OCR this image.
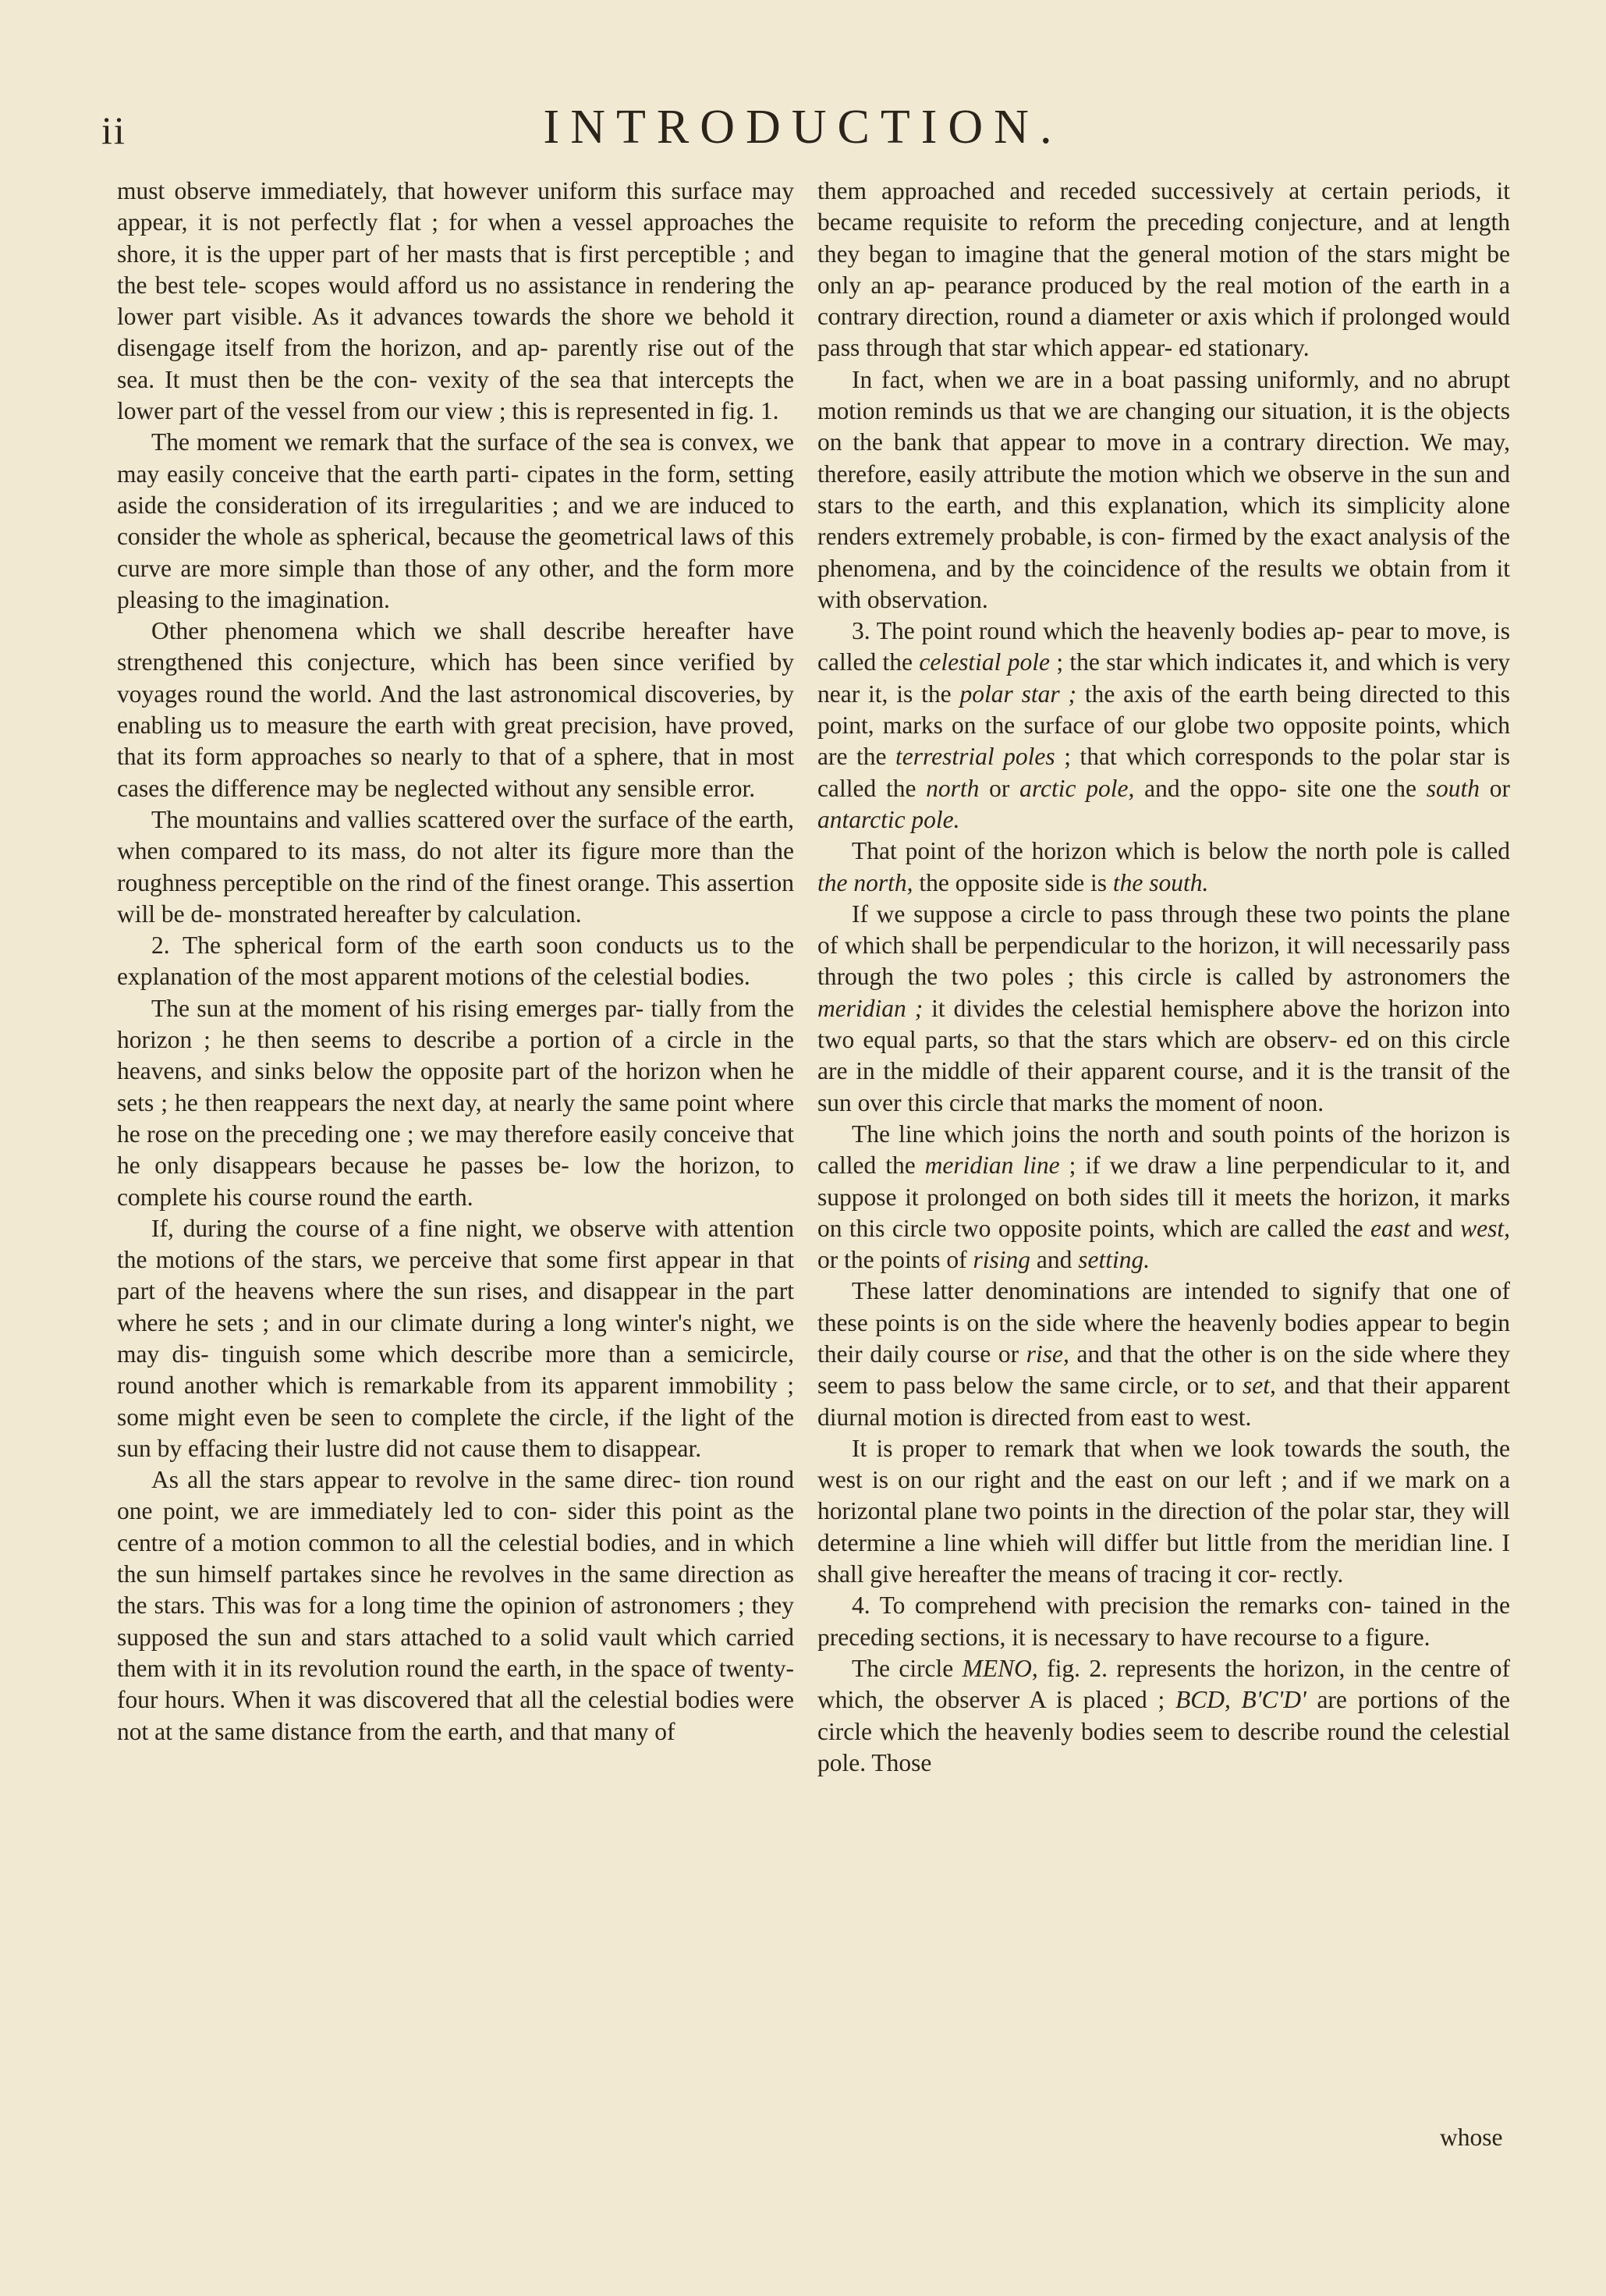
ii	INTRODUCTION.

must observe immediately, that however uniform this surface may appear, it is not perfectly flat ; for when a vessel approaches the shore, it is the upper part of her masts that is first perceptible ; and the best tele- scopes would afford us no assistance in rendering the lower part visible. As it advances towards the shore we behold it disengage itself from the horizon, and ap- parently rise out of the sea. It must then be the con- vexity of the sea that intercepts the lower part of the vessel from our view ; this is represented in fig. 1.

The moment we remark that the surface of the sea is convex, we may easily conceive that the earth parti- cipates in the form, setting aside the consideration of its irregularities ; and we are induced to consider the whole as spherical, because the geometrical laws of this curve are more simple than those of any other, and the form more pleasing to the imagination.

Other phenomena which we shall describe hereafter have strengthened this conjecture, which has been since verified by voyages round the world. And the last astronomical discoveries, by enabling us to measure the earth with great precision, have proved, that its form approaches so nearly to that of a sphere, that in most cases the difference may be neglected without any sensible error.

The mountains and vallies scattered over the surface of the earth, when compared to its mass, do not alter its figure more than the roughness perceptible on the rind of the finest orange. This assertion will be de- monstrated hereafter by calculation.

2. The spherical form of the earth soon conducts us to the explanation of the most apparent motions of the celestial bodies.

The sun at the moment of his rising emerges par- tially from the horizon ; he then seems to describe a portion of a circle in the heavens, and sinks below the opposite part of the horizon when he sets ; he then reappears the next day, at nearly the same point where he rose on the preceding one ; we may therefore easily conceive that he only disappears because he passes be- low the horizon, to complete his course round the earth.

If, during the course of a fine night, we observe with attention the motions of the stars, we perceive that some first appear in that part of the heavens where the sun rises, and disappear in the part where he sets ; and in our climate during a long winter's night, we may dis- tinguish some which describe more than a semicircle, round another which is remarkable from its apparent immobility ; some might even be seen to complete the circle, if the light of the sun by effacing their lustre did not cause them to disappear.

As all the stars appear to revolve in the same direc- tion round one point, we are immediately led to con- sider this point as the centre of a motion common to all the celestial bodies, and in which the sun himself partakes since he revolves in the same direction as the stars. This was for a long time the opinion of astronomers ; they supposed the sun and stars attached to a solid vault which carried them with it in its revolution round the earth, in the space of twenty-four hours. When it was discovered that all the celestial bodies were not at the same distance from the earth, and that many of

them approached and receded successively at certain periods, it became requisite to reform the preceding conjecture, and at length they began to imagine that the general motion of the stars might be only an ap- pearance produced by the real motion of the earth in a contrary direction, round a diameter or axis which if prolonged would pass through that star which appear- ed stationary.

In fact, when we are in a boat passing uniformly, and no abrupt motion reminds us that we are changing our situation, it is the objects on the bank that appear to move in a contrary direction. We may, therefore, easily attribute the motion which we observe in the sun and stars to the earth, and this explanation, which its simplicity alone renders extremely probable, is con- firmed by the exact analysis of the phenomena, and by the coincidence of the results we obtain from it with observation.

3. The point round which the heavenly bodies ap- pear to move, is called the celestial pole ; the star which indicates it, and which is very near it, is the polar star ; the axis of the earth being directed to this point, marks on the surface of our globe two opposite points, which are the terrestrial poles ; that which corresponds to the polar star is called the north or arctic pole, and the oppo- site one the south or antarctic pole.

That point of the horizon which is below the north pole is called the north, the opposite side is the south.

If we suppose a circle to pass through these two points the plane of which shall be perpendicular to the horizon, it will necessarily pass through the two poles ; this circle is called by astronomers the meridian ; it divides the celestial hemisphere above the horizon into two equal parts, so that the stars which are observ- ed on this circle are in the middle of their apparent course, and it is the transit of the sun over this circle that marks the moment of noon.

The line which joins the north and south points of the horizon is called the meridian line ; if we draw a line perpendicular to it, and suppose it prolonged on both sides till it meets the horizon, it marks on this circle two opposite points, which are called the east and west, or the points of rising and setting.

These latter denominations are intended to signify that one of these points is on the side where the heavenly bodies appear to begin their daily course or rise, and that the other is on the side where they seem to pass below the same circle, or to set, and that their apparent diurnal motion is directed from east to west.

It is proper to remark that when we look towards the south, the west is on our right and the east on our left ; and if we mark on a horizontal plane two points in the direction of the polar star, they will determine a line whieh will differ but little from the meridian line. I shall give hereafter the means of tracing it cor- rectly.

4. To comprehend with precision the remarks con- tained in the preceding sections, it is necessary to have recourse to a figure.

The circle MENO, fig. 2. represents the horizon, in the centre of which, the observer A is placed ; BCD, B'C'D' are portions of the circle which the heavenly bodies seem to describe round the celestial pole. Those

whose
